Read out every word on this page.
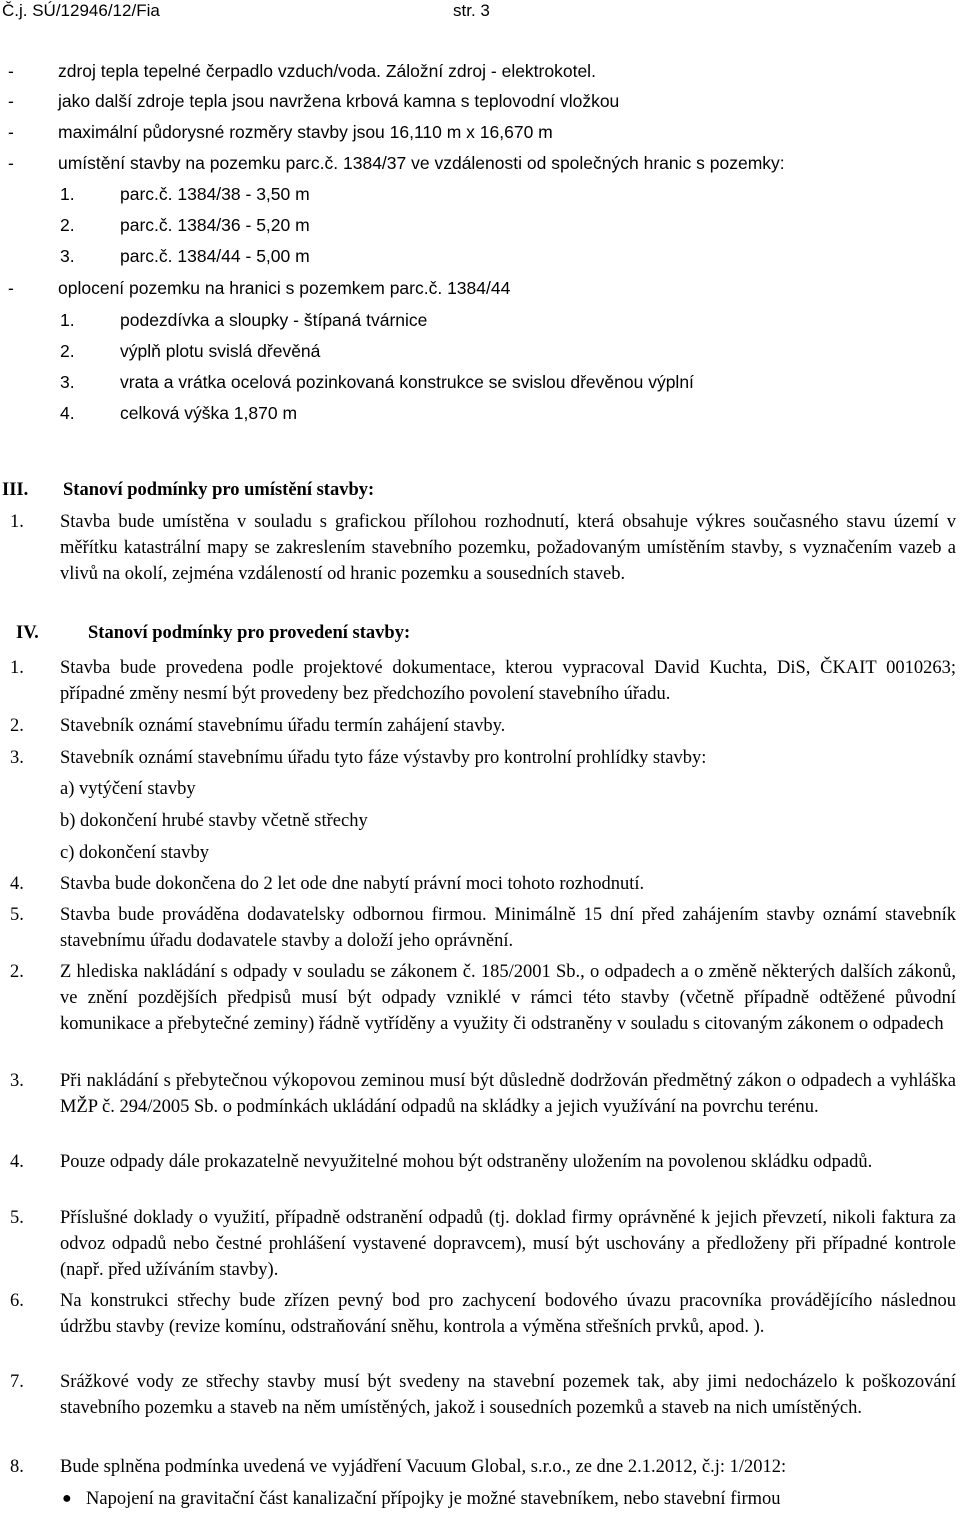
Č.j. SÚ/12946/12/Fia	str. 3
-	zdroj tepla tepelné čerpadlo vzduch/voda. Záložní zdroj - elektrokotel.
-	jako další zdroje tepla jsou navržena krbová kamna s teplovodní vložkou
-	maximální půdorysné rozměry stavby jsou 16,110 m x 16,670 m
-	umístění stavby na pozemku parc.č. 1384/37 ve vzdálenosti od společných hranic s pozemky:
1.	parc.č. 1384/38 - 3,50 m
2.	parc.č. 1384/36 - 5,20 m
3.	parc.č. 1384/44 - 5,00 m
-	oplocení pozemku na hranici s pozemkem parc.č. 1384/44
1.	podezdívka a sloupky - štípaná tvárnice
2.	výplň plotu svislá dřevěná
3.	vrata a vrátka ocelová pozinkovaná konstrukce se svislou dřevěnou výplní
4.	celková výška 1,870 m
III. Stanoví podmínky pro umístění stavby:
1. Stavba bude umístěna v souladu s grafickou přílohou rozhodnutí, která obsahuje výkres současného stavu území v měřítku katastrální mapy se zakreslením stavebního pozemku, požadovaným umístěním stavby, s vyznačením vazeb a vlivů na okolí, zejména vzdáleností od hranic pozemku a sousedních staveb.
IV.	Stanoví podmínky pro provedení stavby:
1. Stavba bude provedena podle projektové dokumentace, kterou vypracoval David Kuchta, DiS, ČKAIT 0010263; případné změny nesmí být provedeny bez předchozího povolení stavebního úřadu.
2. Stavebník oznámí stavebnímu úřadu termín zahájení stavby.
3. Stavebník oznámí stavebnímu úřadu tyto fáze výstavby pro kontrolní prohlídky stavby:
a) vytýčení stavby
b) dokončení hrubé stavby včetně střechy
c) dokončení stavby
4. Stavba bude dokončena do 2 let ode dne nabytí právní moci tohoto rozhodnutí.
5. Stavba bude prováděna dodavatelsky odbornou firmou. Minimálně 15 dní před zahájením stavby oznámí stavebník stavebnímu úřadu dodavatele stavby a doloží jeho oprávnění.
2. Z hlediska nakládání s odpady v souladu se zákonem č. 185/2001 Sb., o odpadech a o změně některých dalších zákonů, ve znění pozdějších předpisů musí být odpady vzniklé v rámci této stavby (včetně případně odtěžené původní komunikace a přebytečné zeminy) řádně vytříděny a využity či odstraněny v souladu s citovaným zákonem o odpadech
3. Při nakládání s přebytečnou výkopovou zeminou musí být důsledně dodržován předmětný zákon o odpadech a vyhláška MŽP č. 294/2005 Sb. o podmínkách ukládání odpadů na skládky a jejich využívání na povrchu terénu.
4. Pouze odpady dále prokazatelně nevyužitelné mohou být odstraněny uložením na povolenou skládku odpadů.
5. Příslušné doklady o využití, případně odstranění odpadů (tj. doklad firmy oprávněné k jejich převzetí, nikoli faktura za odvoz odpadů nebo čestné prohlášení vystavené dopravcem), musí být uschovány a předloženy při případné kontrole (např. před užíváním stavby).
6. Na konstrukci střechy bude zřízen pevný bod pro zachycení bodového úvazu pracovníka provádějícího následnou údržbu stavby (revize komínu, odstraňování sněhu, kontrola a výměna střešních prvků, apod. ).
7. Srážkové vody ze střechy stavby musí být svedeny na stavební pozemek tak, aby jimi nedocházelo k poškozování stavebního pozemku a staveb na něm umístěných, jakož i sousedních pozemků a staveb na nich umístěných.
8. Bude splněna podmínka uvedená ve vyjádření Vacuum Global, s.r.o., ze dne 2.1.2012, č.j: 1/2012:
● Napojení na gravitační část kanalizační přípojky je možné stavebníkem, nebo stavební firmou
